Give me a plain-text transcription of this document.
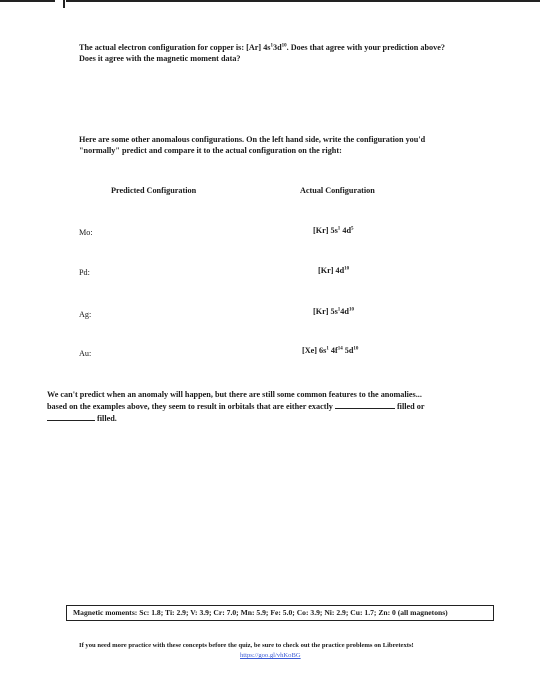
The actual electron configuration for copper is: [Ar] $4s^13d^{10}$. Does that agree with your prediction above?
Does it agree with the magnetic moment data?
Here are some other anomalous configurations. On the left hand side, write the configuration you'd
"normally" predict and compare it to the actual configuration on the right:
Predicted Configuration	Actual Configuration
Mo:	[Kr] $5s^1$ $4d^5$
Pd:	[Kr] $4d^{10}$
Ag:	[Kr] $5s^14d^{10}$
Au:	[Xe] $6s^1$ $4f^{14}$ $5d^{10}$
We can't predict when an anomaly will happen, but there are still some common features to the anomalies...
based on the examples above, they seem to result in orbitals that are either exactly	filled or
filled.
Magnetic moments: Sc: 1.8; Ti: 2.9; V: 3.9; Cr: 7.0; Mn: 5.9; Fe: 5.0; Co: 3.9; Ni: 2.9; Cu: 1.7; Zn: 0 (all magnetons)
If you need more practice with these concepts before the quiz, be sure to check out the practice problems on Libretexts!
https://goo.gl/vhKoBG
